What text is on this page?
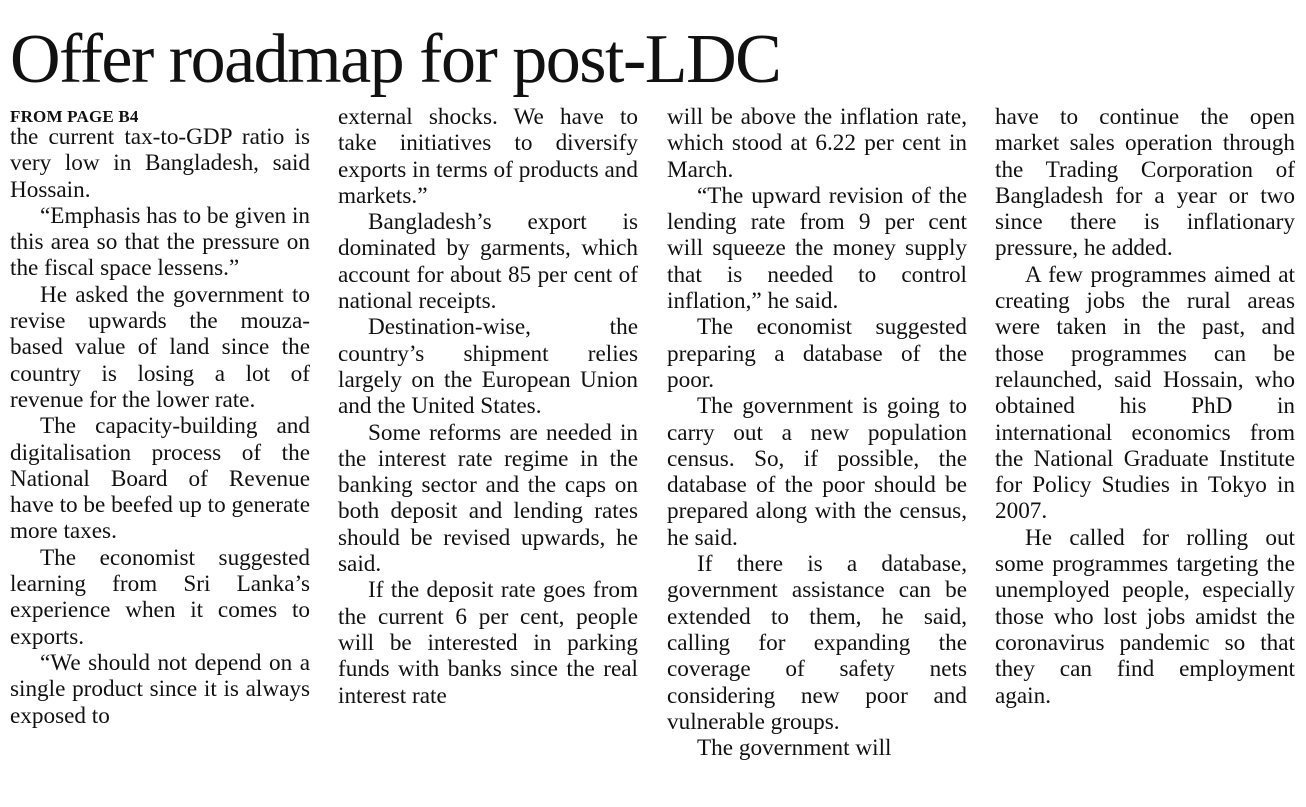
Offer roadmap for post-LDC
FROM PAGE B4

the current tax-to-GDP ratio is very low in Bangladesh, said Hossain.

“Emphasis has to be given in this area so that the pressure on the fiscal space lessens.”

He asked the government to revise upwards the mouza-based value of land since the country is losing a lot of revenue for the lower rate.

The capacity-building and digitalisation process of the National Board of Revenue have to be beefed up to generate more taxes.

The economist suggested learning from Sri Lanka’s experience when it comes to exports.

“We should not depend on a single product since it is always exposed to

external shocks. We have to take initiatives to diversify exports in terms of products and markets.”

Bangladesh’s export is dominated by garments, which account for about 85 per cent of national receipts.

Destination-wise, the country’s shipment relies largely on the European Union and the United States.

Some reforms are needed in the interest rate regime in the banking sector and the caps on both deposit and lending rates should be revised upwards, he said.

If the deposit rate goes from the current 6 per cent, people will be interested in parking funds with banks since the real interest rate

will be above the inflation rate, which stood at 6.22 per cent in March.

“The upward revision of the lending rate from 9 per cent will squeeze the money supply that is needed to control inflation,” he said.

The economist suggested preparing a database of the poor.

The government is going to carry out a new population census. So, if possible, the database of the poor should be prepared along with the census, he said.

If there is a database, government assistance can be extended to them, he said, calling for expanding the coverage of safety nets considering new poor and vulnerable groups.

The government will

have to continue the open market sales operation through the Trading Corporation of Bangladesh for a year or two since there is inflationary pressure, he added.

A few programmes aimed at creating jobs the rural areas were taken in the past, and those programmes can be relaunched, said Hossain, who obtained his PhD in international economics from the National Graduate Institute for Policy Studies in Tokyo in 2007.

He called for rolling out some programmes targeting the unemployed people, especially those who lost jobs amidst the coronavirus pandemic so that they can find employment again.
